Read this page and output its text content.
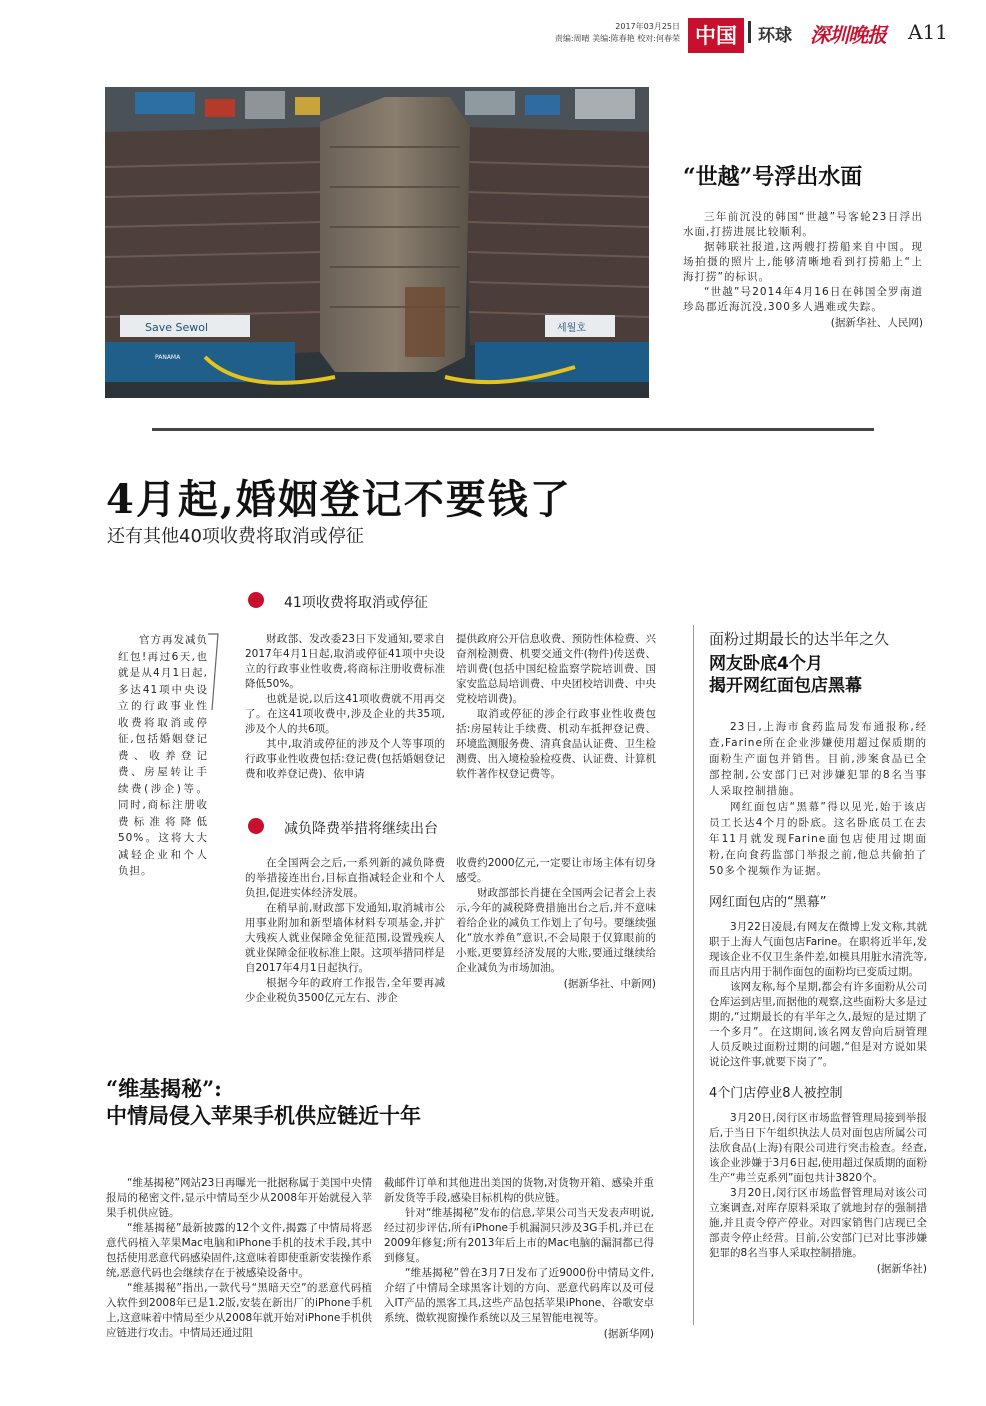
2017年03月25日
责编:周晴 美编:陈春艳 校对:何春荣 中国	环球 深圳晚报 A11
Save Sewol
PANAMA
세월호
“世越”号浮出水面

三年前沉没的韩国“世越”号客轮23日浮出水面,打捞进展比较顺利。

据韩联社报道,这两艘打捞船来自中国。现场拍摄的照片上,能够清晰地看到打捞船上“上海打捞”的标识。

“世越”号2014年4月16日在韩国全罗南道珍岛郡近海沉没,300多人遇难或失踪。

(据新华社、人民网)

4月起,婚姻登记不要钱了
还有其他40项收费将取消或停征

官方再发减负红包!再过6天,也就是从4月1日起,多达41项中央设立的行政事业性收费将取消或停征,包括婚姻登记费、收养登记费、房屋转让手续费(涉企)等。同时,商标注册收费标准将降低50%。这将大大减轻企业和个人负担。

41项收费将取消或停征

财政部、发改委23日下发通知,要求自2017年4月1日起,取消或停征41项中央设立的行政事业性收费,将商标注册收费标准降低50%。

也就是说,以后这41项收费就不用再交了。在这41项收费中,涉及企业的共35项,涉及个人的共6项。

其中,取消或停征的涉及个人等事项的行政事业性收费包括:登记费(包括婚姻登记费和收养登记费)、依申请

提供政府公开信息收费、预防性体检费、兴奋剂检测费、机要交通文件(物件)传送费、培训费(包括中国纪检监察学院培训费、国家安监总局培训费、中央团校培训费、中央党校培训费)。

取消或停征的涉企行政事业性收费包括:房屋转让手续费、机动车抵押登记费、环境监测服务费、清真食品认证费、卫生检测费、出入境检验检疫费、认证费、计算机软件著作权登记费等。

减负降费举措将继续出台

在全国两会之后,一系列新的减负降费的举措接连出台,目标直指减轻企业和个人负担,促进实体经济发展。

在稍早前,财政部下发通知,取消城市公用事业附加和新型墙体材料专项基金,并扩大残疾人就业保障金免征范围,设置残疾人就业保障金征收标准上限。这项举措同样是自2017年4月1日起执行。

根据今年的政府工作报告,全年要再减少企业税负3500亿元左右、涉企

收费约2000亿元,一定要让市场主体有切身感受。

财政部部长肖捷在全国两会记者会上表示,今年的减税降费措施出台之后,并不意味着给企业的减负工作划上了句号。要继续强化“放水养鱼”意识,不会局限于仅算眼前的小账,更要算经济发展的大账,要通过继续给企业减负为市场加油。

(据新华社、中新网)

“维基揭秘”:
中情局侵入苹果手机供应链近十年

“维基揭秘”网站23日再曝光一批据称属于美国中央情报局的秘密文件,显示中情局至少从2008年开始就侵入苹果手机供应链。

“维基揭秘”最新披露的12个文件,揭露了中情局将恶意代码植入苹果Mac电脑和iPhone手机的技术手段,其中包括使用恶意代码感染固件,这意味着即使重新安装操作系统,恶意代码也会继续存在于被感染设备中。

“维基揭秘”指出,一款代号“黑暗天空”的恶意代码植入软件到2008年已是1.2版,安装在新出厂的iPhone手机上,这意味着中情局至少从2008年就开始对iPhone手机供应链进行攻击。中情局还通过阻

截邮件订单和其他进出美国的货物,对货物开箱、感染并重新发货等手段,感染目标机构的供应链。

针对“维基揭秘”发布的信息,苹果公司当天发表声明说,经过初步评估,所有iPhone手机漏洞只涉及3G手机,并已在2009年修复;所有2013年后上市的Mac电脑的漏洞都已得到修复。

“维基揭秘”曾在3月7日发布了近9000份中情局文件,介绍了中情局全球黑客计划的方向、恶意代码库以及可侵入IT产品的黑客工具,这些产品包括苹果iPhone、谷歌安卓系统、微软视窗操作系统以及三星智能电视等。

(据新华网)

面粉过期最长的达半年之久
网友卧底4个月
揭开网红面包店黑幕

23日,上海市食药监局发布通报称,经查,Farine所在企业涉嫌使用超过保质期的面粉生产面包并销售。目前,涉案食品已全部控制,公安部门已对涉嫌犯罪的8名当事人采取控制措施。

网红面包店“黑幕”得以见光,始于该店员工长达4个月的卧底。这名卧底员工在去年11月就发现Farine面包店使用过期面粉,在向食药监部门举报之前,他总共偷拍了50多个视频作为证据。

网红面包店的“黑幕”

3月22日凌晨,有网友在微博上发文称,其就职于上海人气面包店Farine。在职将近半年,发现该企业不仅卫生条件差,如模具用脏水清洗等,而且店内用于制作面包的面粉均已变质过期。

该网友称,每个星期,都会有许多面粉从公司仓库运到店里,而据他的观察,这些面粉大多是过期的,“过期最长的有半年之久,最短的是过期了一个多月”。在这期间,该名网友曾向后厨管理人员反映过面粉过期的问题,“但是对方说如果说论这件事,就要下岗了”。

4个门店停业8人被控制

3月20日,闵行区市场监督管理局接到举报后,于当日下午组织执法人员对面包店所属公司法欣食品(上海)有限公司进行突击检查。经查,该企业涉嫌于3月6日起,使用超过保质期的面粉生产“弗兰克系列”面包共计3820个。

3月20日,闵行区市场监督管理局对该公司立案调查,对库存原料采取了就地封存的强制措施,并且责令停产停业。对四家销售门店现已全部责令停止经营。目前,公安部门已对比事涉嫌犯罪的8名当事人采取控制措施。

(据新华社)
